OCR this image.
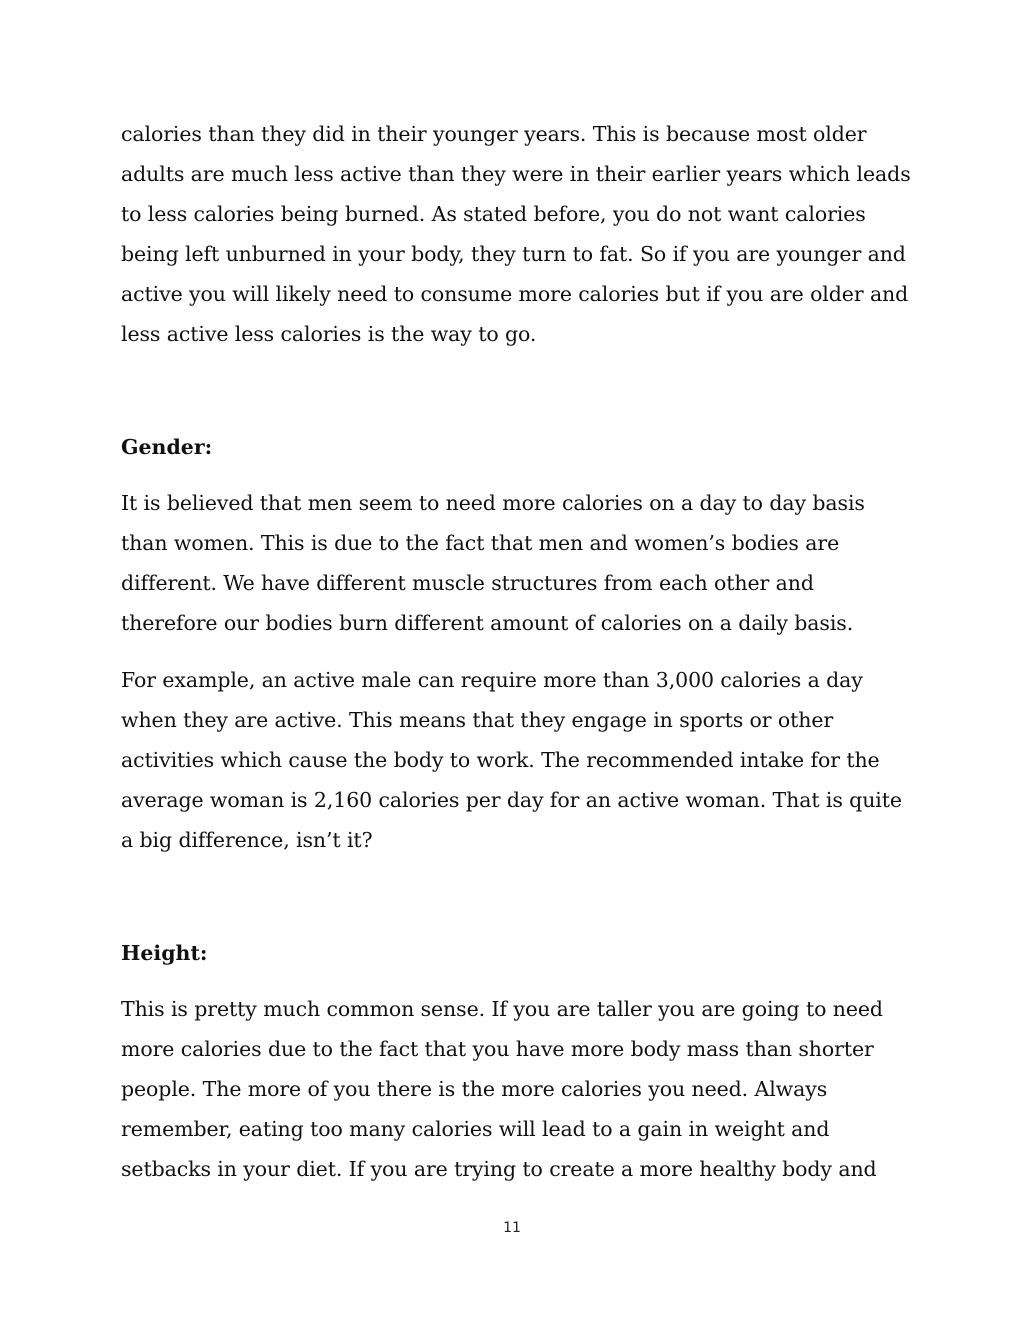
calories than they did in their younger years. This is because most older
adults are much less active than they were in their earlier years which leads
to less calories being burned. As stated before, you do not want calories
being left unburned in your body, they turn to fat. So if you are younger and
active you will likely need to consume more calories but if you are older and
less active less calories is the way to go.

Gender:

It is believed that men seem to need more calories on a day to day basis
than women. This is due to the fact that men and women’s bodies are
different. We have different muscle structures from each other and
therefore our bodies burn different amount of calories on a daily basis.

For example, an active male can require more than 3,000 calories a day
when they are active. This means that they engage in sports or other
activities which cause the body to work. The recommended intake for the
average woman is 2,160 calories per day for an active woman. That is quite
a big difference, isn’t it?

Height:

This is pretty much common sense. If you are taller you are going to need
more calories due to the fact that you have more body mass than shorter
people. The more of you there is the more calories you need. Always
remember, eating too many calories will lead to a gain in weight and
setbacks in your diet. If you are trying to create a more healthy body and

11
